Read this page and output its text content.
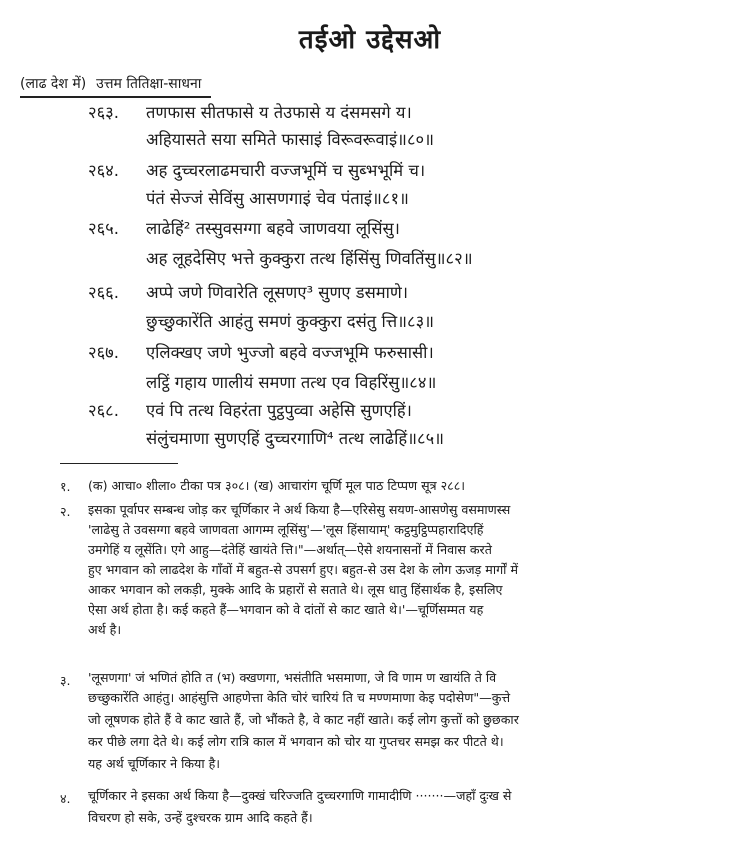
तईओ उद्देसओ
(लाढ देश में) उत्तम तितिक्षा-साधना
२६३. तणफास सीतफासे य तेउफासे य दंसमसगे य।
अहियासते सया समिते फासाइं विरूवरूवाइं॥८०॥
२६४. अह दुच्चरलाढमचारी वज्जभूमिं च सुब्भभूमिं च।
पंतं सेज्जं सेविंसु आसणगाइं चेव पंताइं॥८१॥
२६५. लाढेहिं² तस्सुवसग्गा बहवे जाणवया लूसिंसु।
अह लूहदेसिए भत्ते कुक्कुरा तत्थ हिंसिंसु णिवतिंसु॥८२॥
२६६. अप्पे जणे णिवारेति लूसणए³ सुणए डसमाणे।
छुच्छुकारेंति आहंतु समणं कुक्कुरा दसंतु त्ति॥८३॥
२६७. एलिक्खए जणे भुज्जो बहवे वज्जभूमि फरुसासी।
लट्ठिं गहाय णालीयं समणा तत्थ एव विहरिंसु॥८४॥
२६८. एवं पि तत्थ विहरंता पुट्ठपुव्वा अहेसि सुणएहिं।
संलुंचमाणा सुणएहिं दुच्चरगाणि⁴ तत्थ लाढेहिं॥८५॥
१. (क) आचा० शीला० टीका पत्र ३०८। (ख) आचारांग चूर्णि मूल पाठ टिप्पण सूत्र २८८।
२. इसका पूर्वापर सम्बन्ध जोड़ कर चूर्णिकार ने अर्थ किया है—एरिसेसु सयण-आसणेसु वसमाणस्स
'लाढेसु ते उवसग्गा बहवे जाणवता आगम्म लूसिंसु'—'लूस हिंसायाम्' कट्ठमुट्ठिप्पहारादिएहिं
उमगेहिं य लूसेंति। एगे आहु—दंतेहिं खायंते त्ति।"—अर्थात्—ऐसे शयनासनों में निवास करते
हुए भगवान को लाढदेश के गाँवों में बहुत-से उपसर्ग हुए। बहुत-से उस देश के लोग ऊजड़ मार्गों में
आकर भगवान को लकड़ी, मुक्के आदि के प्रहारों से सताते थे। लूस धातु हिंसार्थक है, इसलिए
ऐसा अर्थ होता है। कई कहते हैं—भगवान को वे दांतों से काट खाते थे।'—चूर्णिसम्मत यह
अर्थ है।
३. 'लूसणगा' जं भणितं होति त (भ) क्खणगा, भसंतीति भसमाणा, जे वि णाम ण खायंति ते वि
छच्छुकारेंति आहंतु। आहंसुत्ति आहणेत्ता केति चोरं चारियं ति च मण्णमाणा केइ पदोसेण"—कुत्ते
जो लूषणक होते हैं वे काट खाते हैं, जो भौंकते है, वे काट नहीं खाते। कई लोग कुत्तों को छुछकार
कर पीछे लगा देते थे। कई लोग रात्रि काल में भगवान को चोर या गुप्तचर समझ कर पीटते थे।
यह अर्थ चूर्णिकार ने किया है।
४. चूर्णिकार ने इसका अर्थ किया है—दुक्खं चरिज्जति दुच्चरगाणि गामादीणि ·······—जहाँ दुःख से
विचरण हो सके, उन्हें दुश्चरक ग्राम आदि कहते हैं।
